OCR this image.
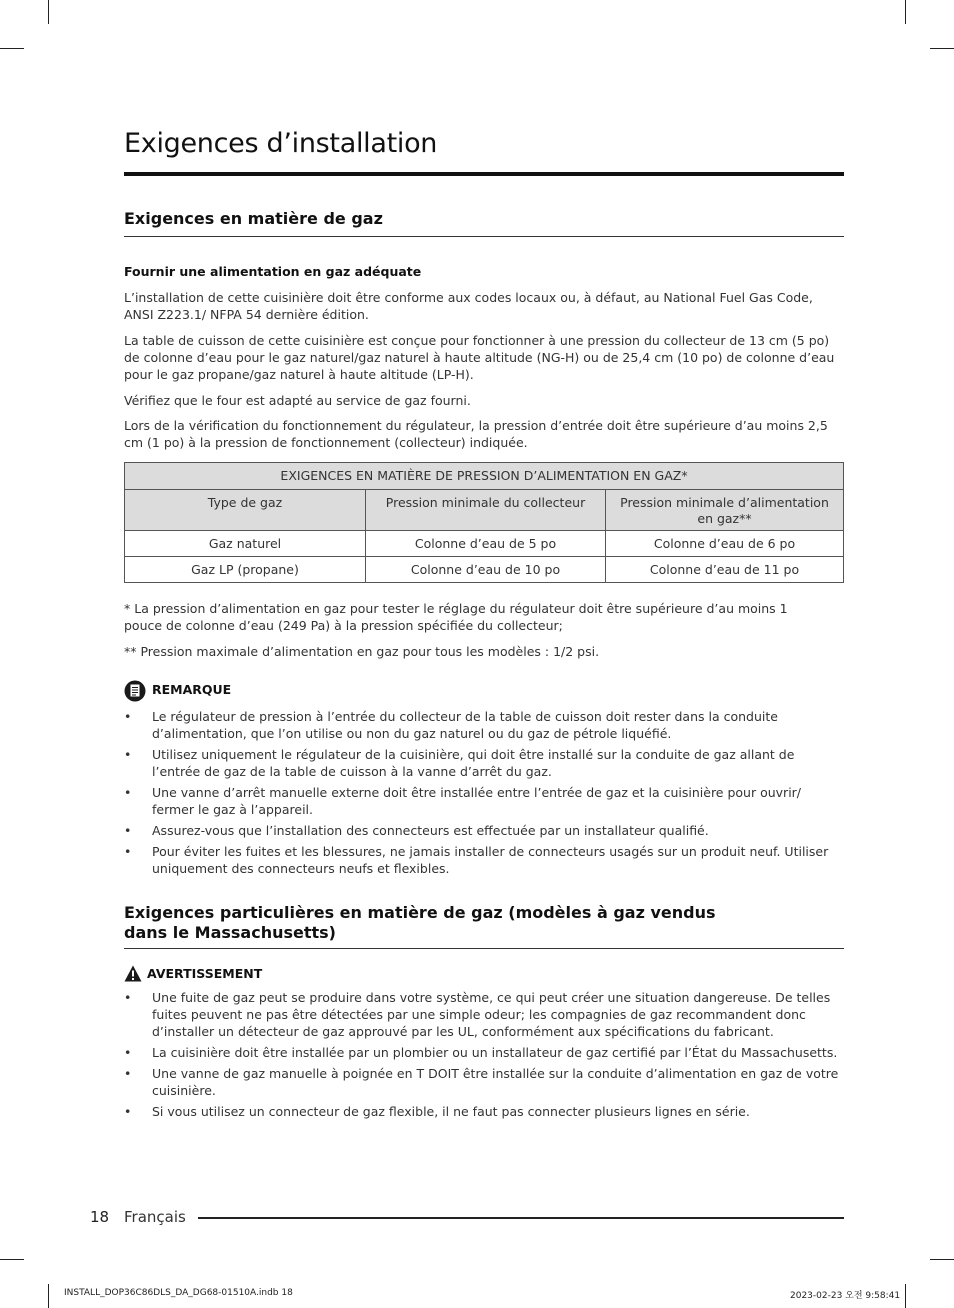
Exigences d’installation
Exigences en matière de gaz
Fournir une alimentation en gaz adéquate

L’installation de cette cuisinière doit être conforme aux codes locaux ou, à défaut, au National Fuel Gas Code, ANSI Z223.1/ NFPA 54 dernière édition.

La table de cuisson de cette cuisinière est conçue pour fonctionner à une pression du collecteur de 13 cm (5 po) de colonne d’eau pour le gaz naturel/gaz naturel à haute altitude (NG-H) ou de 25,4 cm (10 po) de colonne d’eau pour le gaz propane/gaz naturel à haute altitude (LP-H).

Vérifiez que le four est adapté au service de gaz fourni.

Lors de la vérification du fonctionnement du régulateur, la pression d’entrée doit être supérieure d’au moins 2,5 cm (1 po) à la pression de fonctionnement (collecteur) indiquée.

EXIGENCES EN MATIÈRE DE PRESSION D’ALIMENTATION EN GAZ*		
Type de gaz	Pression minimale du collecteur	Pression minimale d’alimentation en gaz**
Gaz naturel	Colonne d’eau de 5 po	Colonne d’eau de 6 po
Gaz LP (propane)	Colonne d’eau de 10 po	Colonne d’eau de 11 po

* La pression d’alimentation en gaz pour tester le réglage du régulateur doit être supérieure d’au moins 1 pouce de colonne d’eau (249 Pa) à la pression spécifiée du collecteur;

** Pression maximale d’alimentation en gaz pour tous les modèles : 1/2 psi.

REMARQUE
• Le régulateur de pression à l’entrée du collecteur de la table de cuisson doit rester dans la conduite d’alimentation, que l’on utilise ou non du gaz naturel ou du gaz de pétrole liquéfié.
• Utilisez uniquement le régulateur de la cuisinière, qui doit être installé sur la conduite de gaz allant de l’entrée de gaz de la table de cuisson à la vanne d’arrêt du gaz.
• Une vanne d’arrêt manuelle externe doit être installée entre l’entrée de gaz et la cuisinière pour ouvrir/ fermer le gaz à l’appareil.
• Assurez-vous que l’installation des connecteurs est effectuée par un installateur qualifié.
• Pour éviter les fuites et les blessures, ne jamais installer de connecteurs usagés sur un produit neuf. Utiliser uniquement des connecteurs neufs et flexibles.
Exigences particulières en matière de gaz (modèles à gaz vendus dans le Massachusetts)
AVERTISSEMENT
• Une fuite de gaz peut se produire dans votre système, ce qui peut créer une situation dangereuse. De telles fuites peuvent ne pas être détectées par une simple odeur; les compagnies de gaz recommandent donc d’installer un détecteur de gaz approuvé par les UL, conformément aux spécifications du fabricant.
• La cuisinière doit être installée par un plombier ou un installateur de gaz certifié par l’État du Massachusetts.
• Une vanne de gaz manuelle à poignée en T DOIT être installée sur la conduite d’alimentation en gaz de votre cuisinière.
• Si vous utilisez un connecteur de gaz flexible, il ne faut pas connecter plusieurs lignes en série.
18 Français
INSTALL_DOP36C86DLS_DA_DG68-01510A.indb 18	2023-02-23 오전 9:58:41
